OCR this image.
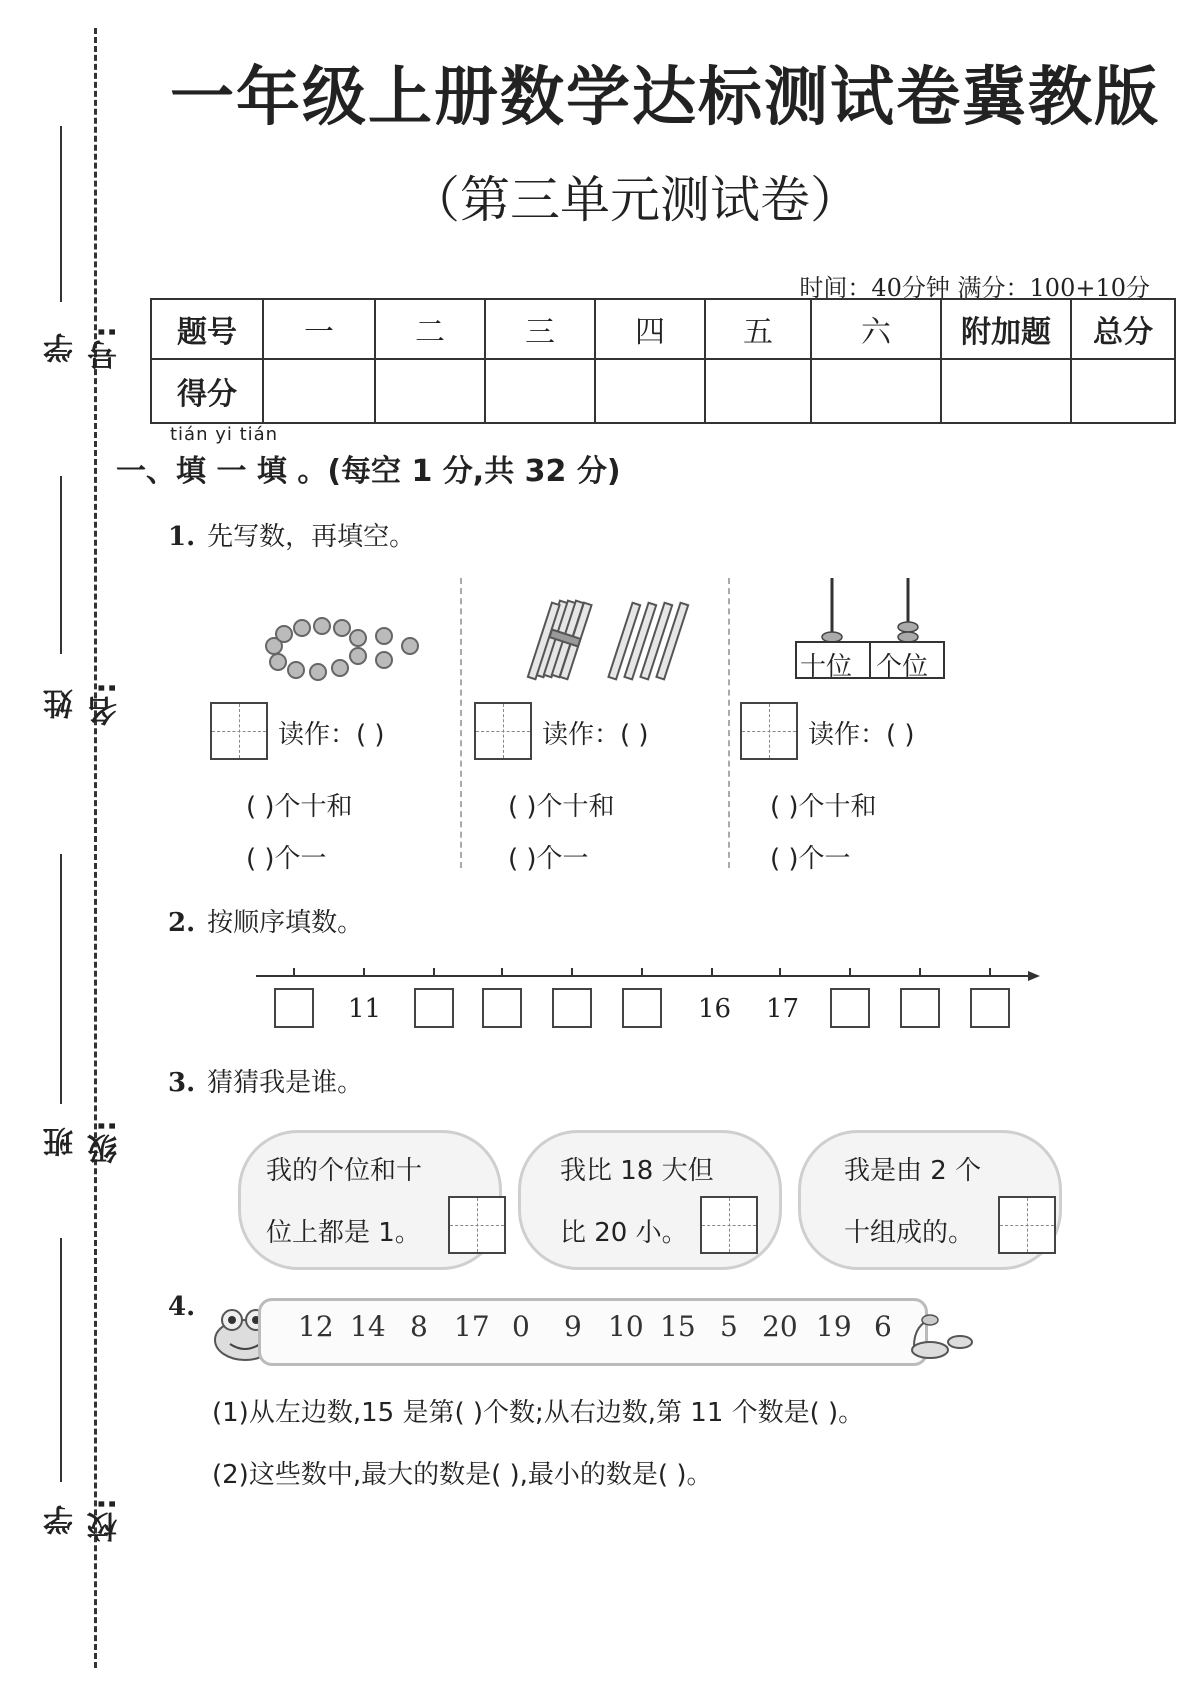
学号:
姓名:
班级:
学校:
一年级上册数学达标测试卷冀教版
（第三单元测试卷）
时间：40分钟 满分：100+10分
题号	一	二	三	四	五	六	附加题	总分
得分								
tián yi tián
一、填 一 填 。(每空 1 分,共 32 分)
1. 先写数，再填空。
十位 个位
读作：( )
( )个十和
( )个一
读作：( )
( )个十和
( )个一
读作：( )
( )个十和
( )个一
2. 按顺序填数。
11	16 17
3. 猜猜我是谁。
我的个位和十
位上都是 1。
我比 18 大但
比 20 小。
我是由 2 个
十组成的。
4.
12 14 8 17 0 9 10 15 5 20 19 6
(1)从左边数,15 是第( )个数;从右边数,第 11 个数是( )。
(2)这些数中,最大的数是( ),最小的数是( )。
